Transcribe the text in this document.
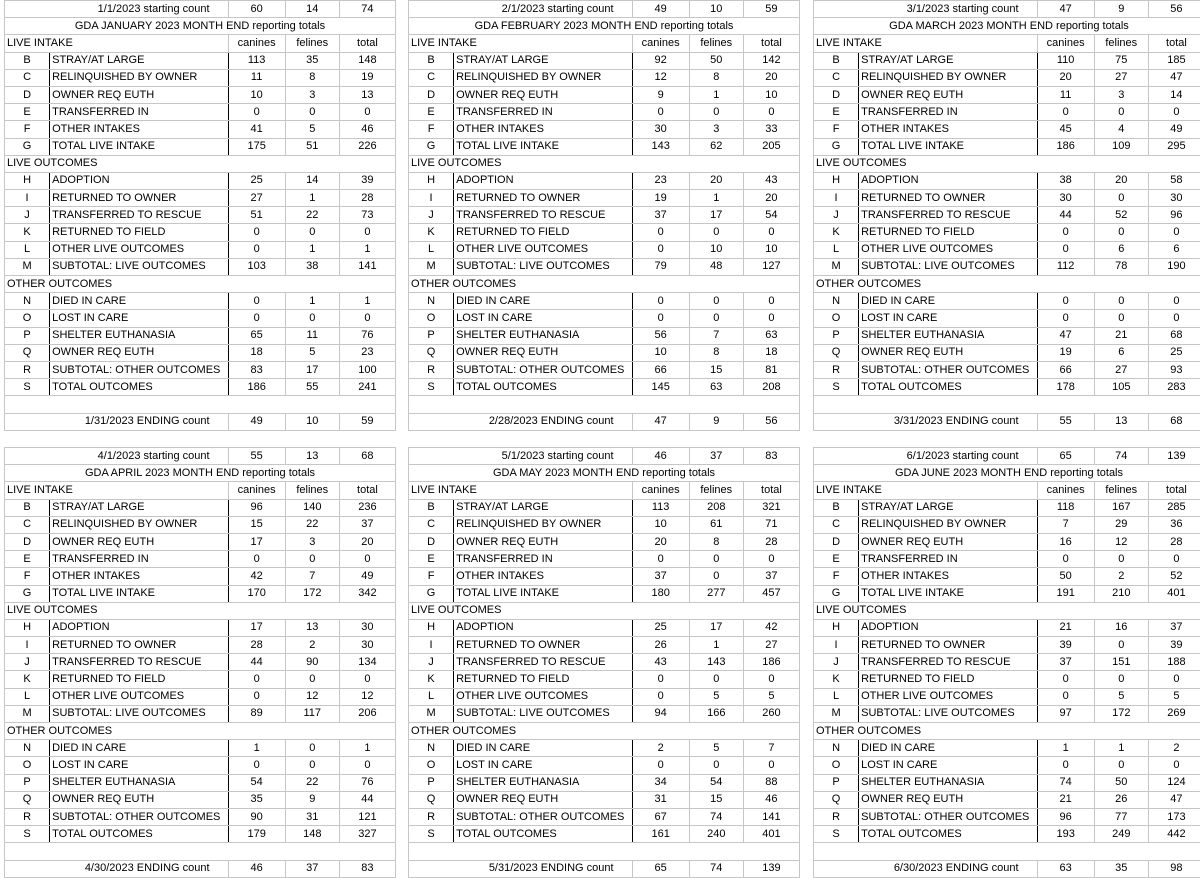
1/1/2023 starting count		60	14	74
GDA JANUARY 2023 MONTH END reporting totals				
LIVE INTAKE		canines	felines	total
B	STRAY/AT LARGE	113	35	148
C	RELINQUISHED BY OWNER	11	8	19
D	OWNER REQ EUTH	10	3	13
E	TRANSFERRED IN	0	0	0
F	OTHER INTAKES	41	5	46
G	TOTAL LIVE INTAKE	175	51	226
LIVE OUTCOMES				
H	ADOPTION	25	14	39
I	RETURNED TO OWNER	27	1	28
J	TRANSFERRED TO RESCUE	51	22	73
K	RETURNED TO FIELD	0	0	0
L	OTHER LIVE OUTCOMES	0	1	1
M	SUBTOTAL: LIVE OUTCOMES	103	38	141
OTHER OUTCOMES				
N	DIED IN CARE	0	1	1
O	LOST IN CARE	0	0	0
P	SHELTER EUTHANASIA	65	11	76
Q	OWNER REQ EUTH	18	5	23
R	SUBTOTAL: OTHER OUTCOMES	83	17	100
S	TOTAL OUTCOMES	186	55	241

1/31/2023 ENDING count		49	10	59
2/1/2023 starting count		49	10	59
GDA FEBRUARY 2023 MONTH END reporting totals				
LIVE INTAKE		canines	felines	total
B	STRAY/AT LARGE	92	50	142
C	RELINQUISHED BY OWNER	12	8	20
D	OWNER REQ EUTH	9	1	10
E	TRANSFERRED IN	0	0	0
F	OTHER INTAKES	30	3	33
G	TOTAL LIVE INTAKE	143	62	205
LIVE OUTCOMES				
H	ADOPTION	23	20	43
I	RETURNED TO OWNER	19	1	20
J	TRANSFERRED TO RESCUE	37	17	54
K	RETURNED TO FIELD	0	0	0
L	OTHER LIVE OUTCOMES	0	10	10
M	SUBTOTAL: LIVE OUTCOMES	79	48	127
OTHER OUTCOMES				
N	DIED IN CARE	0	0	0
O	LOST IN CARE	0	0	0
P	SHELTER EUTHANASIA	56	7	63
Q	OWNER REQ EUTH	10	8	18
R	SUBTOTAL: OTHER OUTCOMES	66	15	81
S	TOTAL OUTCOMES	145	63	208

2/28/2023 ENDING count		47	9	56
3/1/2023 starting count		47	9	56
GDA MARCH 2023 MONTH END reporting totals				
LIVE INTAKE		canines	felines	total
B	STRAY/AT LARGE	110	75	185
C	RELINQUISHED BY OWNER	20	27	47
D	OWNER REQ EUTH	11	3	14
E	TRANSFERRED IN	0	0	0
F	OTHER INTAKES	45	4	49
G	TOTAL LIVE INTAKE	186	109	295
LIVE OUTCOMES				
H	ADOPTION	38	20	58
I	RETURNED TO OWNER	30	0	30
J	TRANSFERRED TO RESCUE	44	52	96
K	RETURNED TO FIELD	0	0	0
L	OTHER LIVE OUTCOMES	0	6	6
M	SUBTOTAL: LIVE OUTCOMES	112	78	190
OTHER OUTCOMES				
N	DIED IN CARE	0	0	0
O	LOST IN CARE	0	0	0
P	SHELTER EUTHANASIA	47	21	68
Q	OWNER REQ EUTH	19	6	25
R	SUBTOTAL: OTHER OUTCOMES	66	27	93
S	TOTAL OUTCOMES	178	105	283

3/31/2023 ENDING count		55	13	68
4/1/2023 starting count		55	13	68
GDA APRIL 2023 MONTH END reporting totals				
LIVE INTAKE		canines	felines	total
B	STRAY/AT LARGE	96	140	236
C	RELINQUISHED BY OWNER	15	22	37
D	OWNER REQ EUTH	17	3	20
E	TRANSFERRED IN	0	0	0
F	OTHER INTAKES	42	7	49
G	TOTAL LIVE INTAKE	170	172	342
LIVE OUTCOMES				
H	ADOPTION	17	13	30
I	RETURNED TO OWNER	28	2	30
J	TRANSFERRED TO RESCUE	44	90	134
K	RETURNED TO FIELD	0	0	0
L	OTHER LIVE OUTCOMES	0	12	12
M	SUBTOTAL: LIVE OUTCOMES	89	117	206
OTHER OUTCOMES				
N	DIED IN CARE	1	0	1
O	LOST IN CARE	0	0	0
P	SHELTER EUTHANASIA	54	22	76
Q	OWNER REQ EUTH	35	9	44
R	SUBTOTAL: OTHER OUTCOMES	90	31	121
S	TOTAL OUTCOMES	179	148	327

4/30/2023 ENDING count		46	37	83
5/1/2023 starting count		46	37	83
GDA MAY 2023 MONTH END reporting totals				
LIVE INTAKE		canines	felines	total
B	STRAY/AT LARGE	113	208	321
C	RELINQUISHED BY OWNER	10	61	71
D	OWNER REQ EUTH	20	8	28
E	TRANSFERRED IN	0	0	0
F	OTHER INTAKES	37	0	37
G	TOTAL LIVE INTAKE	180	277	457
LIVE OUTCOMES				
H	ADOPTION	25	17	42
I	RETURNED TO OWNER	26	1	27
J	TRANSFERRED TO RESCUE	43	143	186
K	RETURNED TO FIELD	0	0	0
L	OTHER LIVE OUTCOMES	0	5	5
M	SUBTOTAL: LIVE OUTCOMES	94	166	260
OTHER OUTCOMES				
N	DIED IN CARE	2	5	7
O	LOST IN CARE	0	0	0
P	SHELTER EUTHANASIA	34	54	88
Q	OWNER REQ EUTH	31	15	46
R	SUBTOTAL: OTHER OUTCOMES	67	74	141
S	TOTAL OUTCOMES	161	240	401

5/31/2023 ENDING count		65	74	139
6/1/2023 starting count		65	74	139
GDA JUNE 2023 MONTH END reporting totals				
LIVE INTAKE		canines	felines	total
B	STRAY/AT LARGE	118	167	285
C	RELINQUISHED BY OWNER	7	29	36
D	OWNER REQ EUTH	16	12	28
E	TRANSFERRED IN	0	0	0
F	OTHER INTAKES	50	2	52
G	TOTAL LIVE INTAKE	191	210	401
LIVE OUTCOMES				
H	ADOPTION	21	16	37
I	RETURNED TO OWNER	39	0	39
J	TRANSFERRED TO RESCUE	37	151	188
K	RETURNED TO FIELD	0	0	0
L	OTHER LIVE OUTCOMES	0	5	5
M	SUBTOTAL: LIVE OUTCOMES	97	172	269
OTHER OUTCOMES				
N	DIED IN CARE	1	1	2
O	LOST IN CARE	0	0	0
P	SHELTER EUTHANASIA	74	50	124
Q	OWNER REQ EUTH	21	26	47
R	SUBTOTAL: OTHER OUTCOMES	96	77	173
S	TOTAL OUTCOMES	193	249	442

6/30/2023 ENDING count		63	35	98
